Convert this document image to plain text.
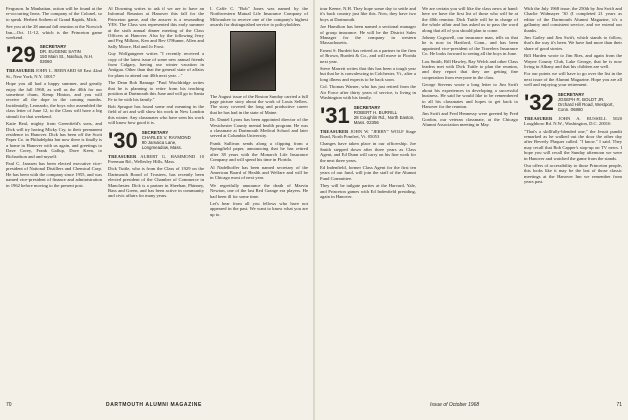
Ferguson. In Manhattan, action will be found at the re-occurring Irons. The company of the Colonel, so to speak. Herbert Sothem of Grand Rapids, Mich.

See you at the 28 annual fall reunion at the Norwich Inn—Oct. 11-12, which is the Princeton game weekend.

'29 SECRETARY
DR. EUGENE SATIN
150 Main St., Nashua, N.H. 03060

TREASURER JOHN L. BERNARD 60 East 42nd St., New York, N.Y. 10017

Hope you all had a happy summer, and greatly enjoy the fall 1968, as well as the 40th for our sometime chum, Kemp Hinton, and you will receive all the dope in the coming months. Incidentally, Leonardo, the boys who assembled the class letter of June 12, to the Class will have a big stimuli for that weekend.

Katie Beal, mighty from Greenfield's sons, and Dick will try having Micky Cry, to their permanent residence in Hanover. Dick has been off the Scott Paper Co. in Philadelphia but now there is finally is a home in Hanover with us again, and greetings to Dave Corey, Frank Gallup, Dave Keen, to Richardson and and myself.

Paul C. Janssen has been elected executive vice-president of National Distillers and Chemical Corp. He has been with the company since 1955, and was named vice-president of finance and administration in 1962 before moving to the present post.

Al Downing writes to ask if we are to have an Informal Reunion at Hanover this fall for the Princeton game, and the answer is a resounding YES. The Class was represented this early summer at the sixth annual dinner meeting of the Class Officers at Hanover. Also by the following Jerry and Peg Milkins, Ken and Bev O'Hunne, Allen and Sally Moore, Hal and Jo Frost.

Guy Wolfgangerer writes "I recently received a copy of the latest issue of some new annual friends from Calgary, having our winter vacation in Antigua. Other than that the general state of affairs for plans to attend our 40th next year…"

The Dean Bob Ramage "Paul Wooldridge writes that he is planning to retire from his teaching position at Dartmouth this June and will go to Santa Fe to be with his family."

Bob Sprague has found some real meaning in the field of art and will show his work in New London this winter. Any classmates who have seen his work will know how good it is.

'30 SECRETARY
CHARLES V. RAYMOND
90 Jamaica Lane, Longmeadow, Mass.

TREASURER ALBERT G. HAMMOND 10 Freeman Rd., Wellesley Hills, Mass.

Dick Tuttle, who is from the Class of 1929 on the Dartmouth Board of Trustees, has recently been elected president of the Chamber of Commerce in Manchester. Dick is a partner in Sheehan, Phinney, Bass and Green, and has been active in community and civic affairs for many years.

I. Caffe C. "Bob" Jones was named by the Northwestern Mutual Life Insurance Company of Milwaukee to receive one of the company's highest awards for distinguished service to policyholders.

The August issue of the Boston Sunday carried a full page picture story about the work of Louis Sellers. The story covered the long and productive career that he has had in the state of Maine.

Dr. Daniel Lyons has been appointed director of the Westchester County mental health program. He was a classmate at Dartmouth Medical School and later served at Columbia University.

Frank Sullivan sends along a clipping from a Springfield paper, announcing that he has retired after 38 years with the Monarch Life Insurance Company and will spend his time in Florida.

Al Nadelhoffer has been named secretary of the American Board of Health and Welfare and will be in Chicago most of next year.

We regretfully announce the death of Marvin Newton, one of the last Red Grange era players. He had been ill for some time.

Let's hear from all you fellows who have not appeared in the past. We want to know what you are up to.

70	DARTMOUTH ALUMNI MAGAZINE

tour Keene, N.H. They hope some day to settle and it's back country just like this. Now, they have two boys at Dartmouth.

Joe Hamilton has been named a sectional manager of group insurance. He will be the District Sales Manager for the company in western Massachusetts.

Ernest S. Burdett has retired as a partner in the firm of Brown, Burdett & Co., and will move to Florida next year.

Steve Marrett writes that this has been a tough year but that he is convalescing in Colchester, Vt., after a long illness and expects to be back soon.

Col. Thomas Warner, who has just retired from the Air Force after thirty years of service, is living in Washington with his family.

'31 SECRETARY
ROBERT H. BURRILL
28 Coughlin Rd., North Easton, Mass. 02356

TREASURER JOHN W. "JERRY" WOLF Stage Road, North Pomfret, Vt. 05053

Changes have taken place in our officership. Joe Smith stepped down after three years as Class Agent, and Ed Dunn will carry on his fine work for the next three years.

Ed Indenfield, former Class Agent for the first ten years of our fund, will join the staff of the Alumni Fund Committee.

They will be tailgate parties at the Harvard, Yale, and Princeton games with Ed Indenfield presiding, again in Hanover.

We are certain you will like the class news at hand: here we have the first list of those who will be at the 40th reunion. Dick Tuttle will be in charge of the whole affair and has asked us to pass the word along that all of you should plan to come.

Johnny Cogswell, our insurance man, tells us that he is now in Hartford, Conn., and has been appointed vice-president of the Travelers Insurance Co. He looks forward to seeing all the boys in June.

Lou Smith, Bill Hawley, Ray Welch and other Class leaders met with Dick Tuttle to plan the reunion, and they report that they are getting fine cooperation from everyone in the class.

George Stevens wrote a long letter to Jim Swift about his experiences in developing a successful business. He said he would like to be remembered to all his classmates and hopes to get back to Hanover for the reunion.

Jim Swift and Fred Hennessy were greeted by Fred Gordon, our veteran classmate, at the Chicago Alumni Association meeting in May.

With the July 1968 issue, the 250th by Jim Swift and Charlie Widmayer '30 (I completed 21 years as editor of the Dartmouth Alumni Magazine, it's a gallantry and consistent service, and we extend our thanks.

Jim Gailey and Jim Swift, which stands to follow, that's the way it's been. We have had more than their share of good stories.

Bill Harden wrote to Jim Ries, and again from the Wayne County Club, Lake George, that he is now living in Albany and that his children are well.

For our points we will have to go over the list in the next issue of the Alumni Magazine. Hope you are all well and enjoying your retirement.

'32 SECRETARY
JOSEPH R. BOLDT JR.
Orchard Hill Road, Westport, Conn. 06880

TREASURER JOHN A. RUSSELL 5020 Loughboro Rd. N.W., Washington, D.C. 20016

"That's a skillfully-blended one," the Jesuit pundit remarked as he walked out the door the other day after Beverly Plaquer called. "I know." I said. They may recall that Bob Capper's stop-up on TV news. I hope you will recall the Sunday afternoon we were in Hanover and watched the game from the stands.

Our offers of accessibility to those Princeton people, this looks like it may be the last of those classic meetings at the Hanover Inn we remember from years past.

Issue of October 1968	71
